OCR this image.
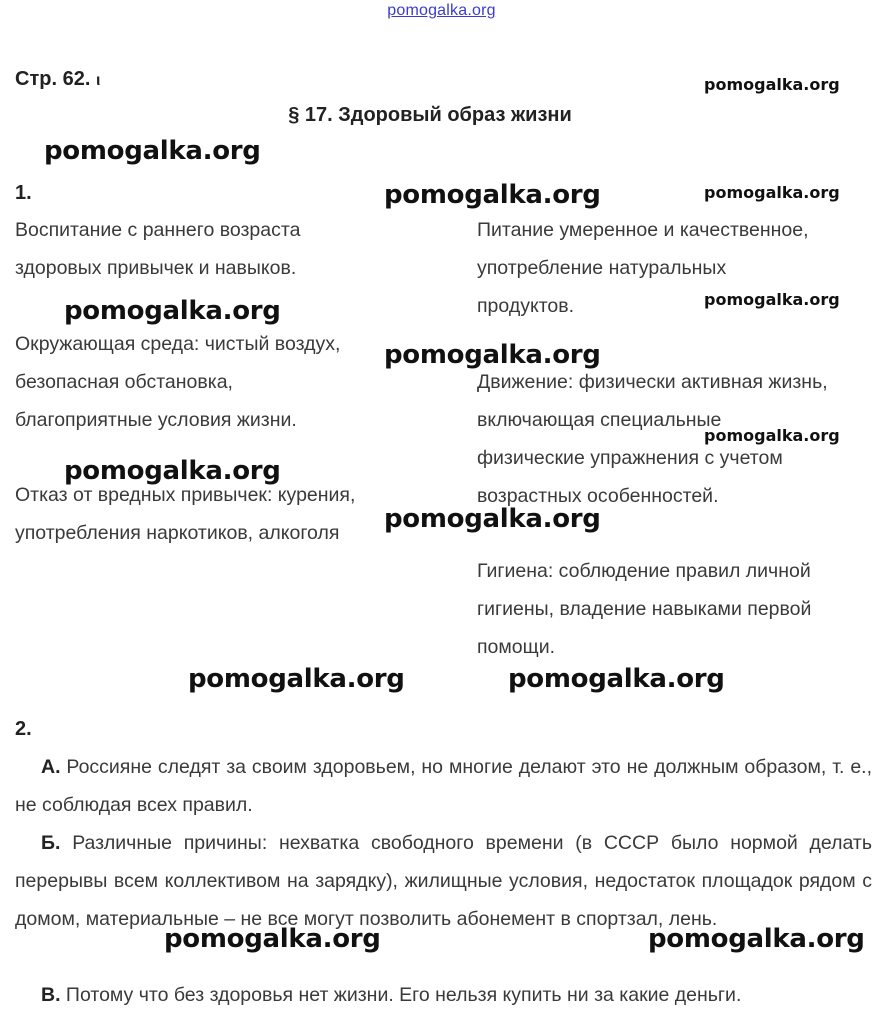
pomogalka.org
Стр. 62. ι
§ 17. Здоровый образ жизни
1.
Воспитание с раннего возраста
здоровых привычек и навыков.
Окружающая среда: чистый воздух,
безопасная обстановка,
благоприятные условия жизни.
Отказ от вредных привычек: курения,
употребления наркотиков, алкоголя
Питание умеренное и качественное,
употребление натуральных
продуктов.
Движение: физически активная жизнь,
включающая специальные
физические упражнения с учетом
возрастных особенностей.
Гигиена: соблюдение правил личной
гигиены, владение навыками первой
помощи.
2.
А. Россияне следят за своим здоровьем, но многие делают это не должным образом, т. е., не соблюдая всех правил.
Б. Различные причины: нехватка свободного времени (в СССР было нормой делать перерывы всем коллективом на зарядку), жилищные условия, недостаток площадок рядом с домом, материальные – не все могут позволить абонемент в спортзал, лень.
В. Потому что без здоровья нет жизни. Его нельзя купить ни за какие деньги.
pomogalka.org
pomogalka.org
pomogalka.org	pomogalka.org
pomogalka.org
pomogalka.org
pomogalka.org
pomogalka.org
pomogalka.org
pomogalka.org
pomogalka.org	pomogalka.org
pomogalka.org	pomogalka.org
